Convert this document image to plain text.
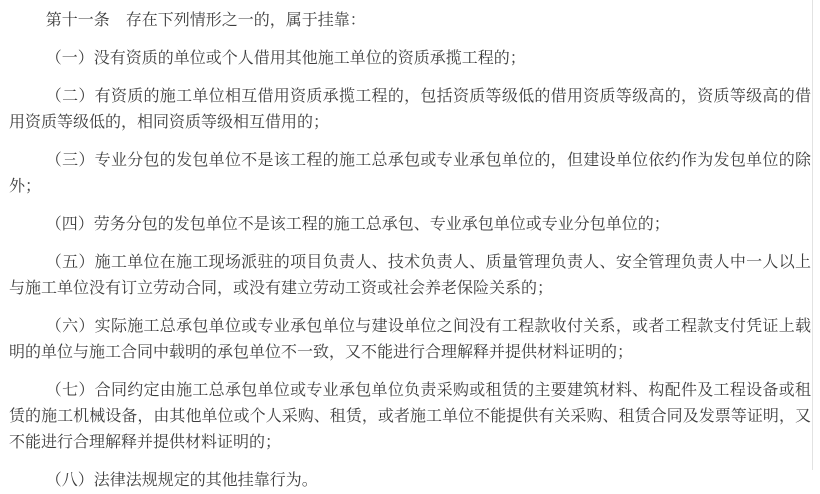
第十一条　存在下列情形之一的，属于挂靠：

（一）没有资质的单位或个人借用其他施工单位的资质承揽工程的；

（二）有资质的施工单位相互借用资质承揽工程的，包括资质等级低的借用资质等级高的，资质等级高的借用资质等级低的，相同资质等级相互借用的；

（三）专业分包的发包单位不是该工程的施工总承包或专业承包单位的，但建设单位依约作为发包单位的除外；

（四）劳务分包的发包单位不是该工程的施工总承包、专业承包单位或专业分包单位的；

（五）施工单位在施工现场派驻的项目负责人、技术负责人、质量管理负责人、安全管理负责人中一人以上与施工单位没有订立劳动合同，或没有建立劳动工资或社会养老保险关系的；

（六）实际施工总承包单位或专业承包单位与建设单位之间没有工程款收付关系，或者工程款支付凭证上载明的单位与施工合同中载明的承包单位不一致，又不能进行合理解释并提供材料证明的；

（七）合同约定由施工总承包单位或专业承包单位负责采购或租赁的主要建筑材料、构配件及工程设备或租赁的施工机械设备，由其他单位或个人采购、租赁，或者施工单位不能提供有关采购、租赁合同及发票等证明，又不能进行合理解释并提供材料证明的；

（八）法律法规规定的其他挂靠行为。
